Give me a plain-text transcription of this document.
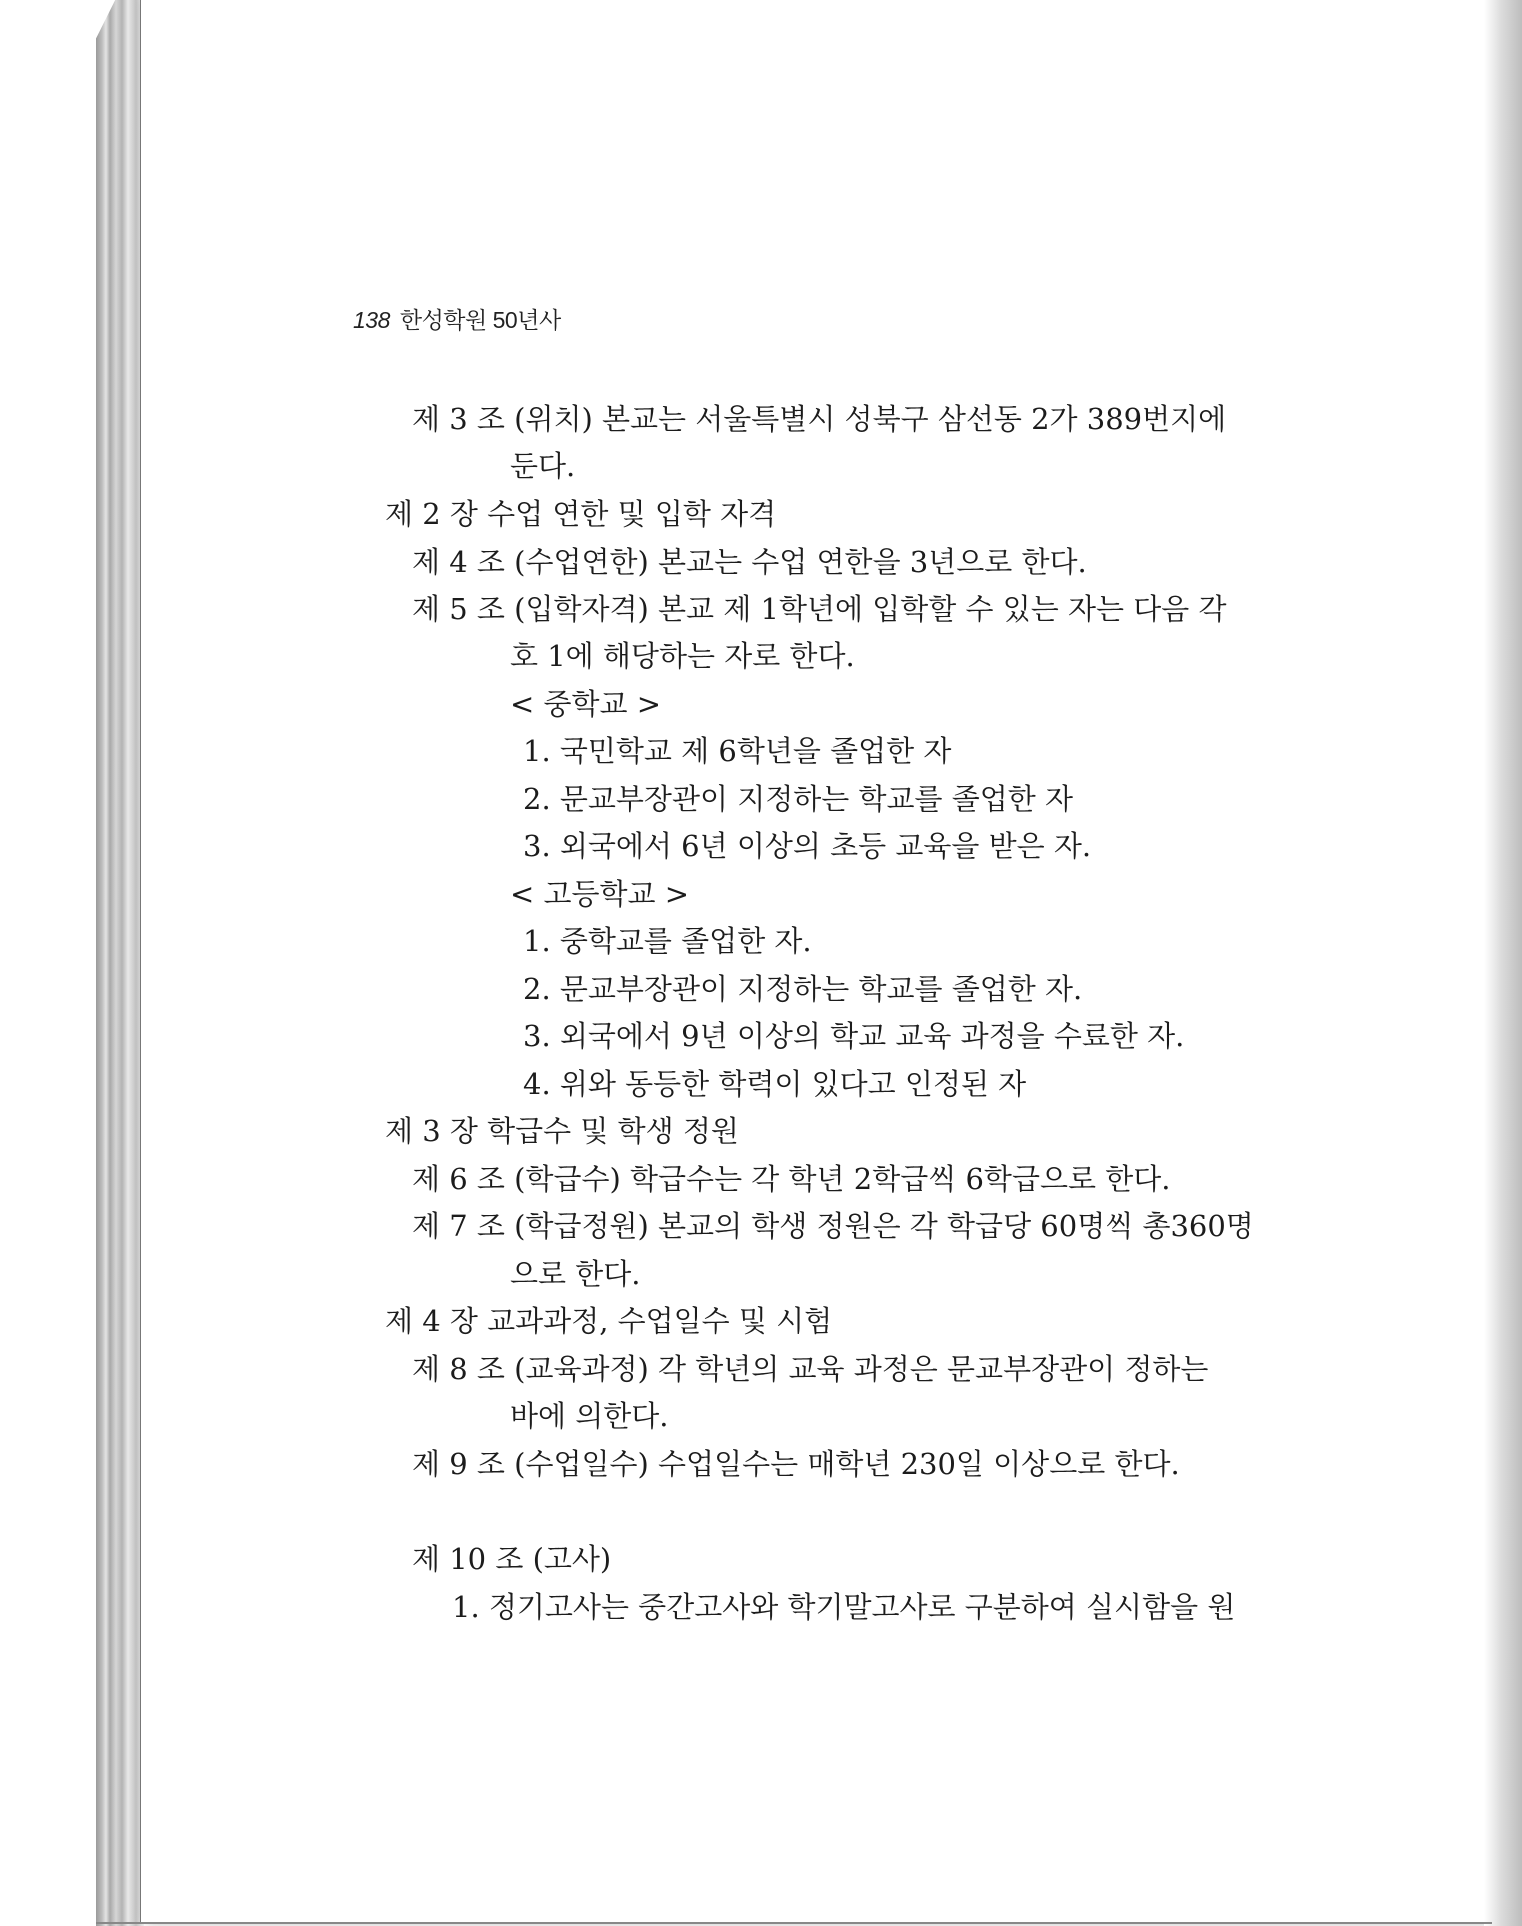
138 한성학원 50년사
제 3 조 (위치) 본교는 서울특별시 성북구 삼선동 2가 389번지에
둔다.
제 2 장 수업 연한 및 입학 자격
제 4 조 (수업연한) 본교는 수업 연한을 3년으로 한다.
제 5 조 (입학자격) 본교 제 1학년에 입학할 수 있는 자는 다음 각
호 1에 해당하는 자로 한다.
< 중학교 >
1. 국민학교 제 6학년을 졸업한 자
2. 문교부장관이 지정하는 학교를 졸업한 자
3. 외국에서 6년 이상의 초등 교육을 받은 자.
< 고등학교 >
1. 중학교를 졸업한 자.
2. 문교부장관이 지정하는 학교를 졸업한 자.
3. 외국에서 9년 이상의 학교 교육 과정을 수료한 자.
4. 위와 동등한 학력이 있다고 인정된 자
제 3 장 학급수 및 학생 정원
제 6 조 (학급수) 학급수는 각 학년 2학급씩 6학급으로 한다.
제 7 조 (학급정원) 본교의 학생 정원은 각 학급당 60명씩 총360명
으로 한다.
제 4 장 교과과정, 수업일수 및 시험
제 8 조 (교육과정) 각 학년의 교육 과정은 문교부장관이 정하는
바에 의한다.
제 9 조 (수업일수) 수업일수는 매학년 230일 이상으로 한다.
제 10 조 (고사)
1. 정기고사는 중간고사와 학기말고사로 구분하여 실시함을 원
